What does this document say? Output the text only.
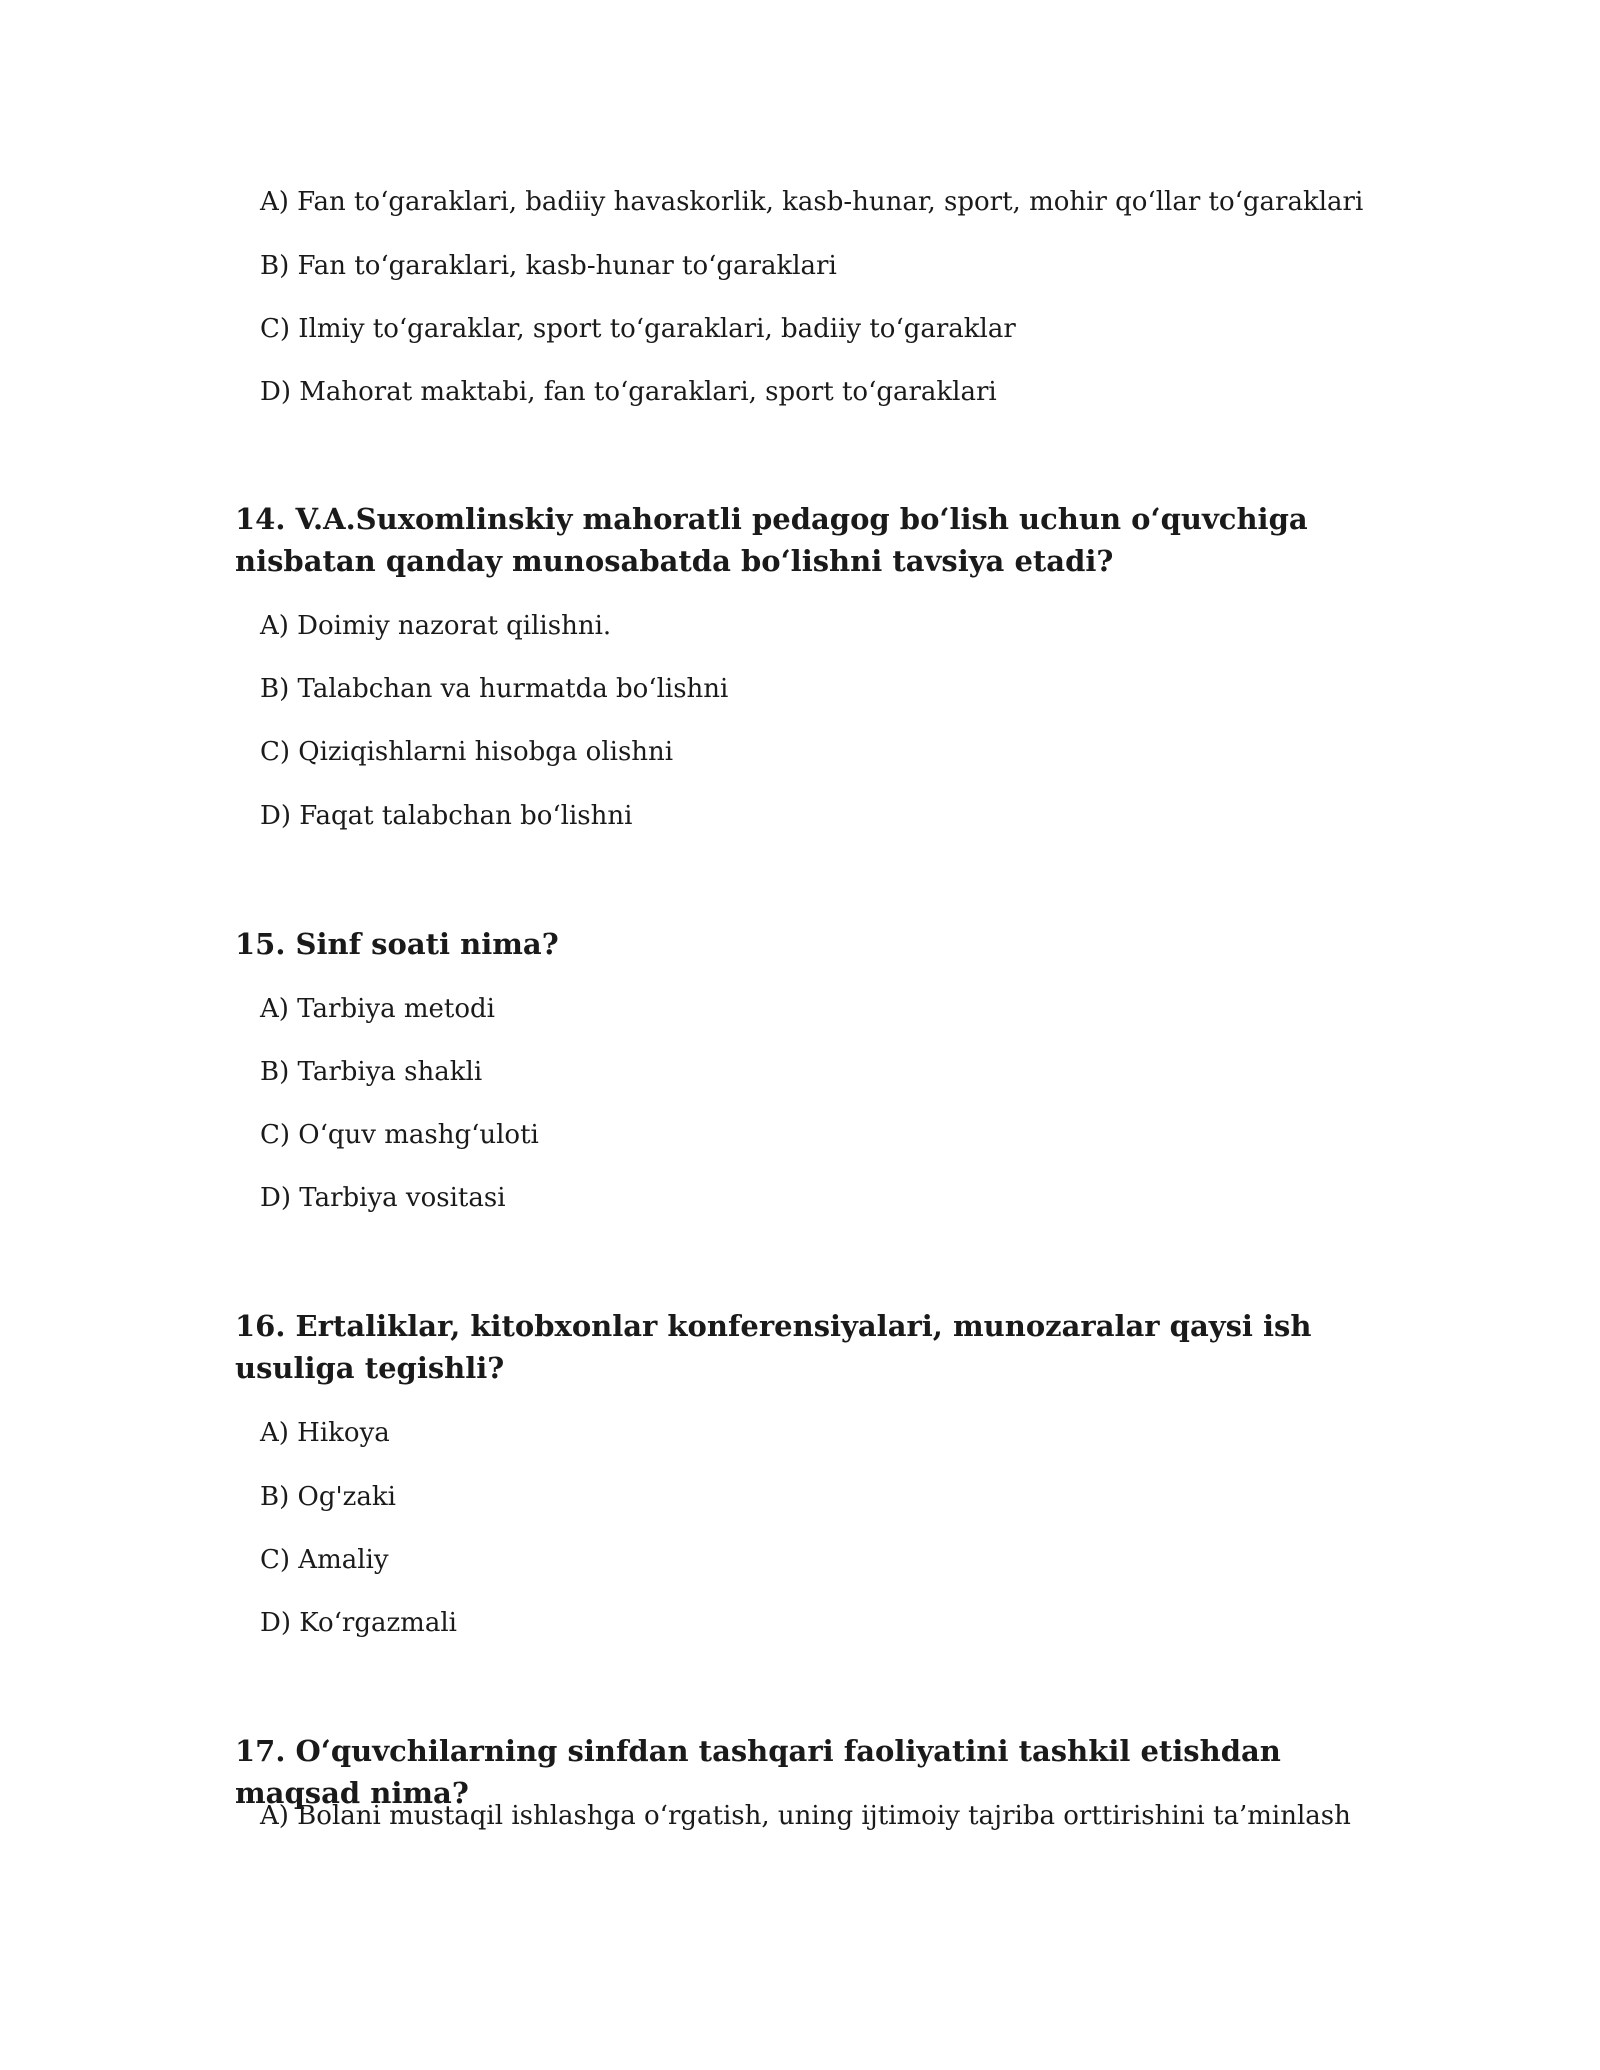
A) Fan to‘garaklari, badiiy havaskorlik, kasb-hunar, sport, mohir qo‘llar to‘garaklari
B) Fan to‘garaklari, kasb-hunar to‘garaklari
C) Ilmiy to‘garaklar, sport to‘garaklari, badiiy to‘garaklar
D) Mahorat maktabi, fan to‘garaklari, sport to‘garaklari
14. V.A.Suxomlinskiy mahoratli pedagog bo‘lish uchun o‘quvchiga nisbatan qanday munosabatda bo‘lishni tavsiya etadi?
A) Doimiy nazorat qilishni.
B) Talabchan va hurmatda bo‘lishni
C) Qiziqishlarni hisobga olishni
D) Faqat talabchan bo‘lishni
15. Sinf soati nima?
A) Tarbiya metodi
B) Tarbiya shakli
C) O‘quv mashg‘uloti
D) Tarbiya vositasi
16. Ertaliklar, kitobxonlar konferensiyalari, munozaralar qaysi ish usuliga tegishli?
A) Hikoya
B) Og'zaki
C) Amaliy
D) Ko‘rgazmali
17. O‘quvchilarning sinfdan tashqari faoliyatini tashkil etishdan maqsad nima?
A) Bolani mustaqil ishlashga o‘rgatish, uning ijtimoiy tajriba orttirishini ta’minlash
